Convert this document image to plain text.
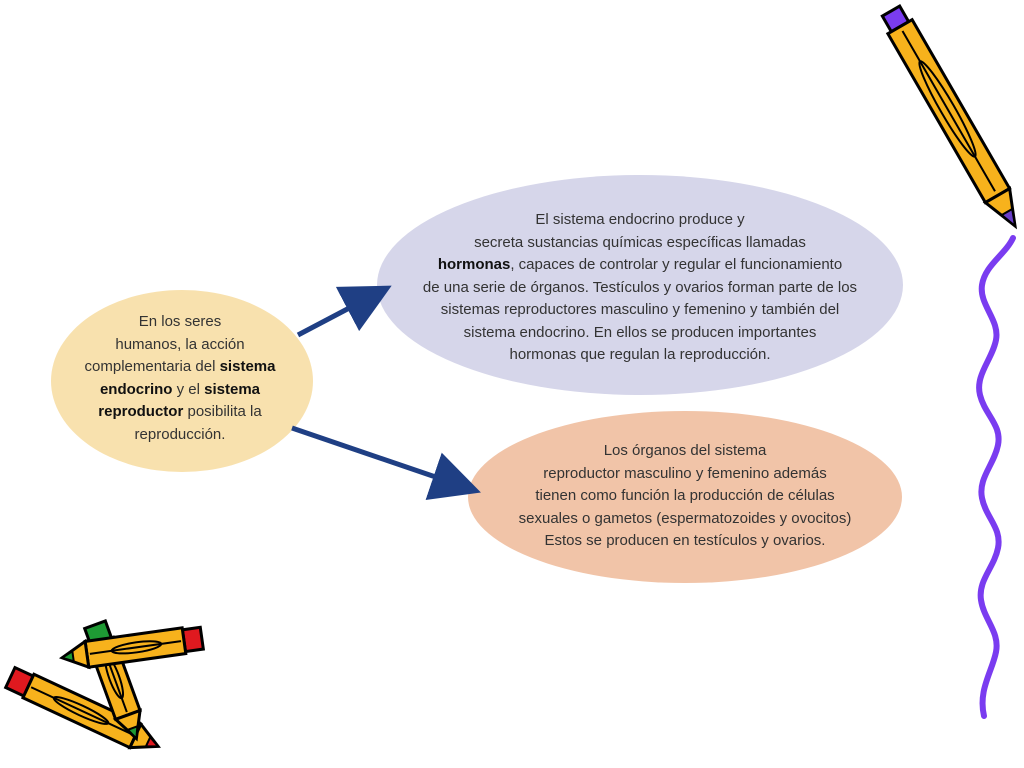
En los seres
humanos, la acción
complementaria del sistema
endocrino y el sistema
reproductor posibilita la
reproducción.
El sistema endocrino produce y
secreta sustancias químicas específicas llamadas
hormonas, capaces de controlar y regular el funcionamiento
de una serie de órganos. Testículos y ovarios forman parte de los
sistemas reproductores masculino y femenino y también del
sistema endocrino. En ellos se producen importantes
hormonas que regulan la reproducción.
Los órganos del sistema
reproductor masculino y femenino además
tienen como función la producción de células
sexuales o gametos (espermatozoides y ovocitos)
Estos se producen en testículos y ovarios.
